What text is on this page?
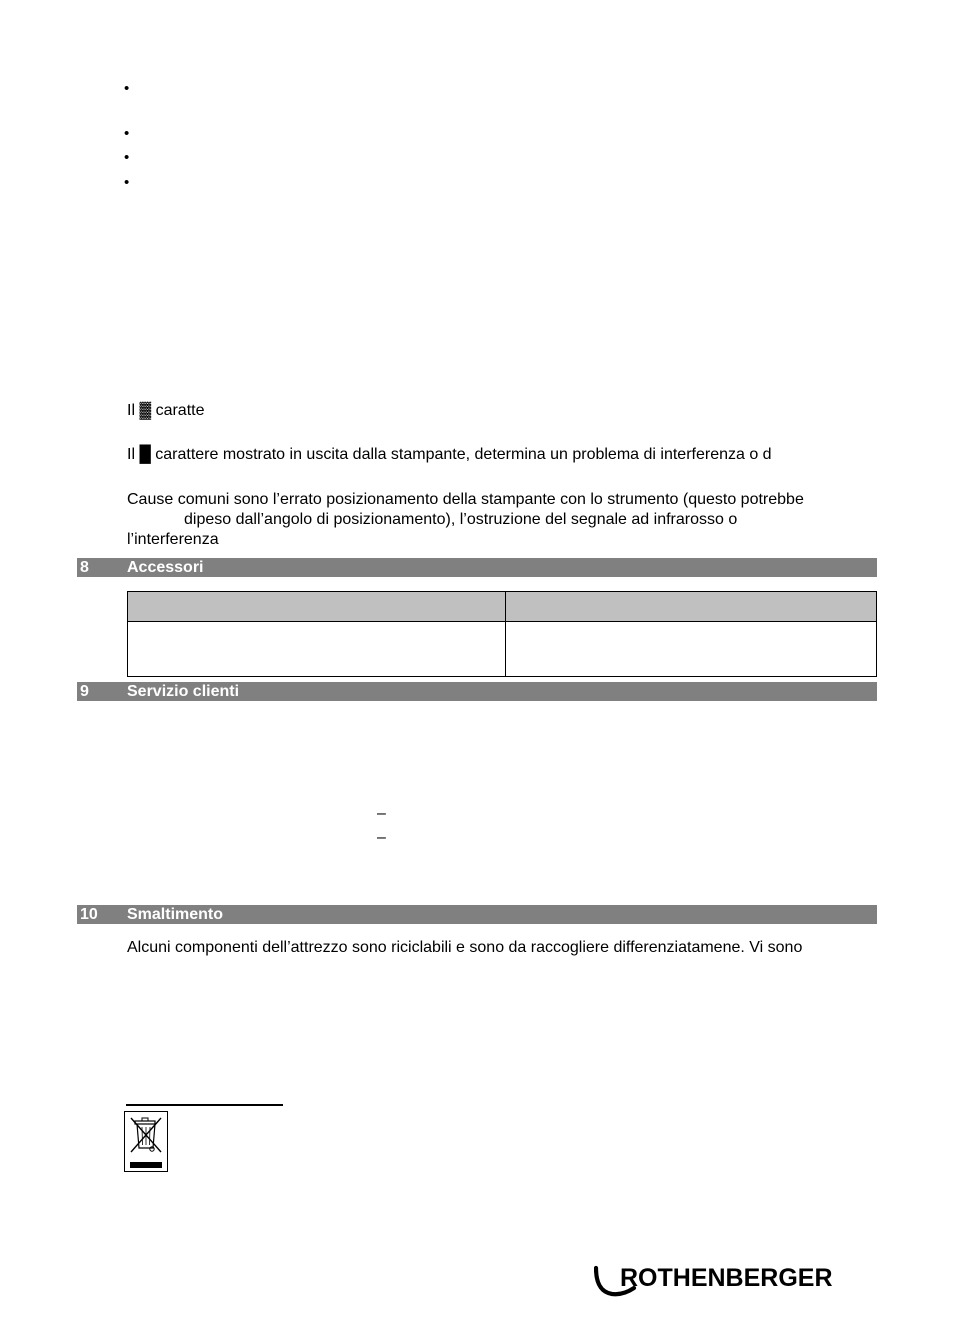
•
•
•
•
Il ▓ caratte
Il █ carattere mostrato in uscita dalla stampante, determina un problema di interferenza o d
Cause comuni sono l’errato posizionamento della stampante con lo strumento (questo potrebbe
dipeso dall’angolo di posizionamento), l’ostruzione del segnale ad infrarosso o
l’interferenza
8 Accessori

9 Servizio clienti
–
–
10 Smaltimento
Alcuni componenti dell’attrezzo sono riciclabili e sono da raccogliere differenziatamene. Vi sono
ROTHENBERGER
